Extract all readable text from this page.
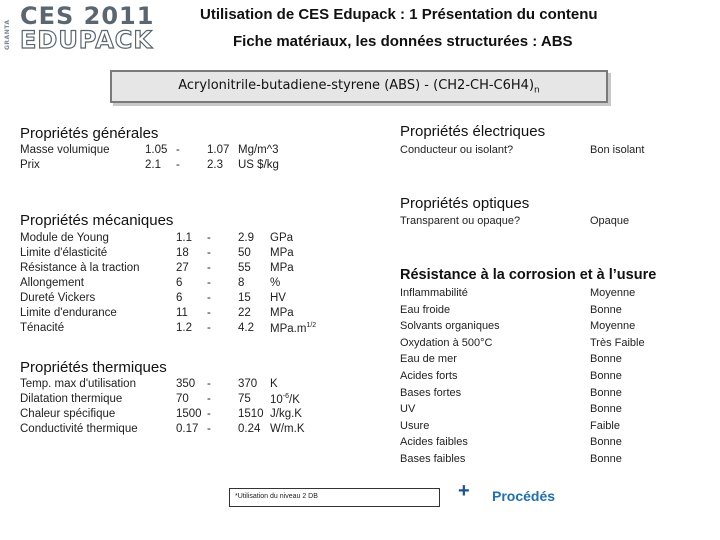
GRANTA
CES 2011
EDUPACK
Utilisation de CES Edupack : 1 Présentation du contenu
Fiche matériaux, les données structurées : ABS
Acrylonitrile-butadiene-styrene $(ABS) - (CH2-CH-C6H4)_n$
Propriétés générales
Masse volumique	1.05 - 1.07 Mg/m^3
Prix	2.1 - 2.3 US $/kg
Propriétés mécaniques
Module de Young	1.1 - 2.9 GPa
Limite d'élasticité	18 - 50 MPa
Résistance à la traction	27 - 55 MPa
Allongement	6 - 8 %
Dureté Vickers	6 - 15 HV
Limite d'endurance	11 - 22 MPa
Ténacité	1.2 - 4.2 $MPa.m^{1/2}$
Propriétés thermiques
Temp. max d'utilisation	350 - 370 K
Dilatation thermique	70 - 75 $10^{-6}/K$
Chaleur spécifique	1500 - 1510 J/kg.K
Conductivité thermique	0.17 - 0.24 W/m.K
Propriétés électriques
Conducteur ou isolant?	Bon isolant
Propriétés optiques
Transparent ou opaque?	Opaque
Résistance à la corrosion et à l’usure
Inflammabilité	Moyenne
Eau froide	Bonne
Solvants organiques	Moyenne
Oxydation à 500°C	Très Faible
Eau de mer	Bonne
Acides forts	Bonne
Bases fortes	Bonne
UV	Bonne
Usure	Faible
Acides faibles	Bonne
Bases faibles	Bonne
*Utilisation du niveau 2 DB	+ Procédés
